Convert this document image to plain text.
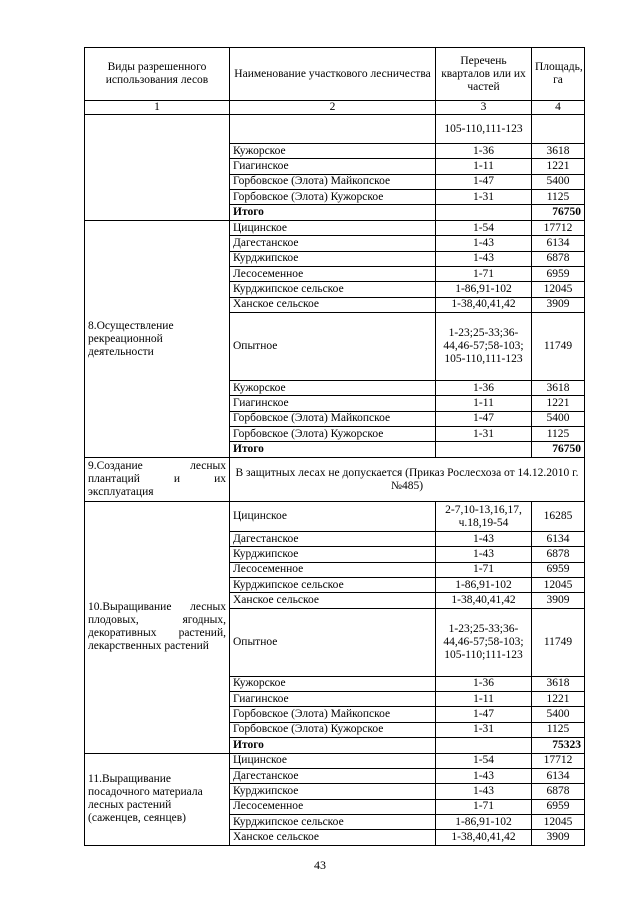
Виды разрешенного использования лесов	Наименование участкового лесничества	Перечень кварталов или их частей	Площадь, га
1	2	3	4
		105-110,111-123	
	Кужорское	1-36	3618
	Гиагинское	1-11	1221
	Горбовское (Элота) Майкопское	1-47	5400
	Горбовское (Элота) Кужорское	1-31	1125
	Итого		76750
8.Осуществление рекреационной деятельности	Цицинское	1-54	17712
	Дагестанское	1-43	6134
	Курджипское	1-43	6878
	Лесосеменное	1-71	6959
	Курджипское сельское	1-86,91-102	12045
	Ханское сельское	1-38,40,41,42	3909
	Опытное	1-23;25-33;36-44,46-57;58-103; 105-110,111-123	11749
	Кужорское	1-36	3618
	Гиагинское	1-11	1221
	Горбовское (Элота) Майкопское	1-47	5400
	Горбовское (Элота) Кужорское	1-31	1125
	Итого		76750
9.Создание лесных плантаций и их эксплуатация	В защитных лесах не допускается (Приказ Рослесхоза от 14.12.2010 г. №485)		
10.Выращивание лесных плодовых, ягодных, декоративных растений, лекарственных растений	Цицинское	2-7,10-13,16,17, ч.18,19-54	16285
	Дагестанское	1-43	6134
	Курджипское	1-43	6878
	Лесосеменное	1-71	6959
	Курджипское сельское	1-86,91-102	12045
	Ханское сельское	1-38,40,41,42	3909
	Опытное	1-23;25-33;36-44,46-57;58-103; 105-110;111-123	11749
	Кужорское	1-36	3618
	Гиагинское	1-11	1221
	Горбовское (Элота) Майкопское	1-47	5400
	Горбовское (Элота) Кужорское	1-31	1125
	Итого		75323
11.Выращивание посадочного материала лесных растений (саженцев, сеянцев)	Цицинское	1-54	17712
	Дагестанское	1-43	6134
	Курджипское	1-43	6878
	Лесосеменное	1-71	6959
	Курджипское сельское	1-86,91-102	12045
	Ханское сельское	1-38,40,41,42	3909
43
